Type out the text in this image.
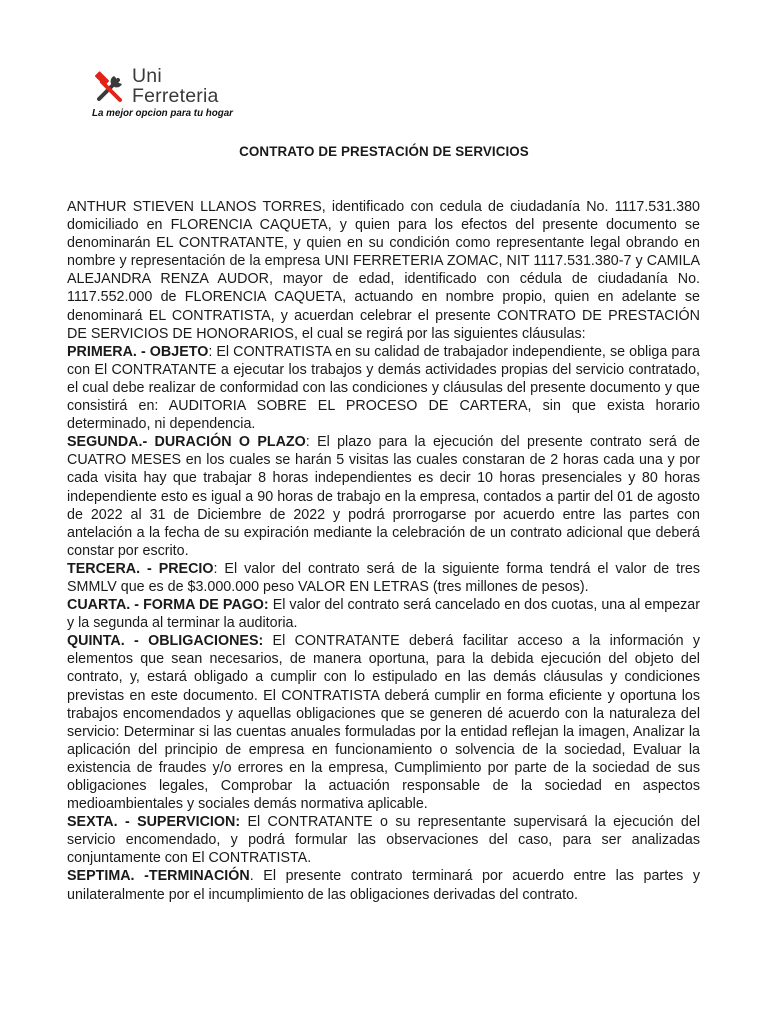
Uni
Ferreteria
La mejor opcion para tu hogar
CONTRATO DE PRESTACIÓN DE SERVICIOS

ANTHUR STIEVEN LLANOS TORRES, identificado con cedula de ciudadanía No. 1117.531.380 domiciliado en FLORENCIA CAQUETA, y quien para los efectos del presente documento se denominarán EL CONTRATANTE, y quien en su condición como representante legal obrando en nombre y representación de la empresa UNI FERRETERIA ZOMAC, NIT 1117.531.380-7 y CAMILA ALEJANDRA RENZA AUDOR, mayor de edad, identificado con cédula de ciudadanía No. 1117.552.000 de FLORENCIA CAQUETA, actuando en nombre propio, quien en adelante se denominará EL CONTRATISTA, y acuerdan celebrar el presente CONTRATO DE PRESTACIÓN DE SERVICIOS DE HONORARIOS, el cual se regirá por las siguientes cláusulas:

PRIMERA. - OBJETO: El CONTRATISTA en su calidad de trabajador independiente, se obliga para con El CONTRATANTE a ejecutar los trabajos y demás actividades propias del servicio contratado, el cual debe realizar de conformidad con las condiciones y cláusulas del presente documento y que consistirá en: AUDITORIA SOBRE EL PROCESO DE CARTERA, sin que exista horario determinado, ni dependencia.

SEGUNDA.- DURACIÓN O PLAZO: El plazo para la ejecución del presente contrato será de CUATRO MESES en los cuales se harán 5 visitas las cuales constaran de 2 horas cada una y por cada visita hay que trabajar 8 horas independientes es decir 10 horas presenciales y 80 horas independiente esto es igual a 90 horas de trabajo en la empresa, contados a partir del 01 de agosto de 2022 al 31 de Diciembre de 2022 y podrá prorrogarse por acuerdo entre las partes con antelación a la fecha de su expiración mediante la celebración de un contrato adicional que deberá constar por escrito.

TERCERA. - PRECIO: El valor del contrato será de la siguiente forma tendrá el valor de tres SMMLV que es de $3.000.000 peso VALOR EN LETRAS (tres millones de pesos).

CUARTA. - FORMA DE PAGO: El valor del contrato será cancelado en dos cuotas, una al empezar y la segunda al terminar la auditoria.

QUINTA. - OBLIGACIONES: El CONTRATANTE deberá facilitar acceso a la información y elementos que sean necesarios, de manera oportuna, para la debida ejecución del objeto del contrato, y, estará obligado a cumplir con lo estipulado en las demás cláusulas y condiciones previstas en este documento. El CONTRATISTA deberá cumplir en forma eficiente y oportuna los trabajos encomendados y aquellas obligaciones que se generen dé acuerdo con la naturaleza del servicio: Determinar si las cuentas anuales formuladas por la entidad reflejan la imagen, Analizar la aplicación del principio de empresa en funcionamiento o solvencia de la sociedad, Evaluar la existencia de fraudes y/o errores en la empresa, Cumplimiento por parte de la sociedad de sus obligaciones legales, Comprobar la actuación responsable de la sociedad en aspectos medioambientales y sociales demás normativa aplicable.

SEXTA. - SUPERVICION: El CONTRATANTE o su representante supervisará la ejecución del servicio encomendado, y podrá formular las observaciones del caso, para ser analizadas conjuntamente con El CONTRATISTA.

SEPTIMA. -TERMINACIÓN. El presente contrato terminará por acuerdo entre las partes y unilateralmente por el incumplimiento de las obligaciones derivadas del contrato.
